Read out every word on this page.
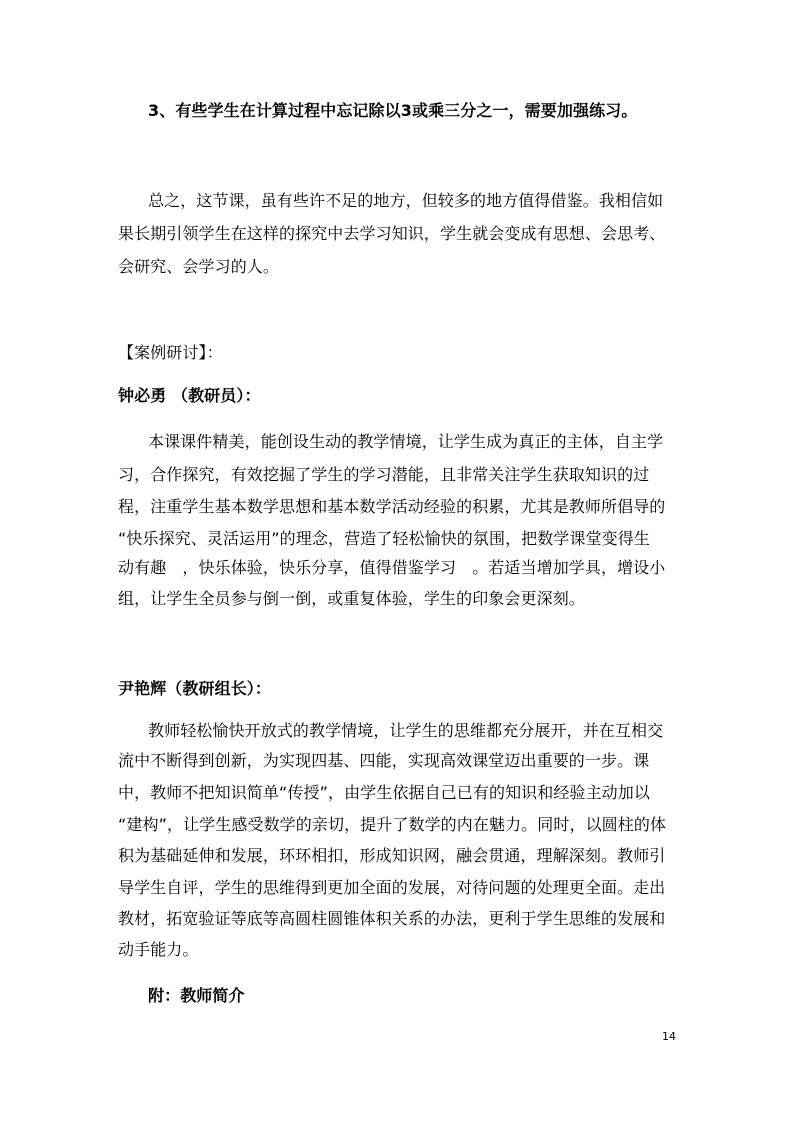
3、有些学生在计算过程中忘记除以3或乘三分之一，需要加强练习。
总之，这节课，虽有些许不足的地方，但较多的地方值得借鉴。我相信如
果长期引领学生在这样的探究中去学习知识，学生就会变成有思想、会思考、
会研究、会学习的人。
【案例研讨】：
钟必勇 （教研员）：
本课课件精美，能创设生动的教学情境，让学生成为真正的主体，自主学
习，合作探究，有效挖掘了学生的学习潜能，且非常关注学生获取知识的过
程，注重学生基本数学思想和基本数学活动经验的积累，尤其是教师所倡导的
“快乐探究、灵活运用”的理念，营造了轻松愉快的氛围，把数学课堂变得生
动有趣　，快乐体验，快乐分享，值得借鉴学习　。若适当增加学具，增设小
组，让学生全员参与倒一倒，或重复体验，学生的印象会更深刻。
尹艳辉（教研组长）：
教师轻松愉快开放式的教学情境，让学生的思维都充分展开，并在互相交
流中不断得到创新，为实现四基、四能，实现高效课堂迈出重要的一步。课
中，教师不把知识简单“传授”，由学生依据自己已有的知识和经验主动加以
“建构”，让学生感受数学的亲切，提升了数学的内在魅力。同时，以圆柱的体
积为基础延伸和发展，环环相扣，形成知识网，融会贯通，理解深刻。教师引
导学生自评，学生的思维得到更加全面的发展，对待问题的处理更全面。走出
教材，拓宽验证等底等高圆柱圆锥体积关系的办法，更利于学生思维的发展和
动手能力。
附：教师简介
14
